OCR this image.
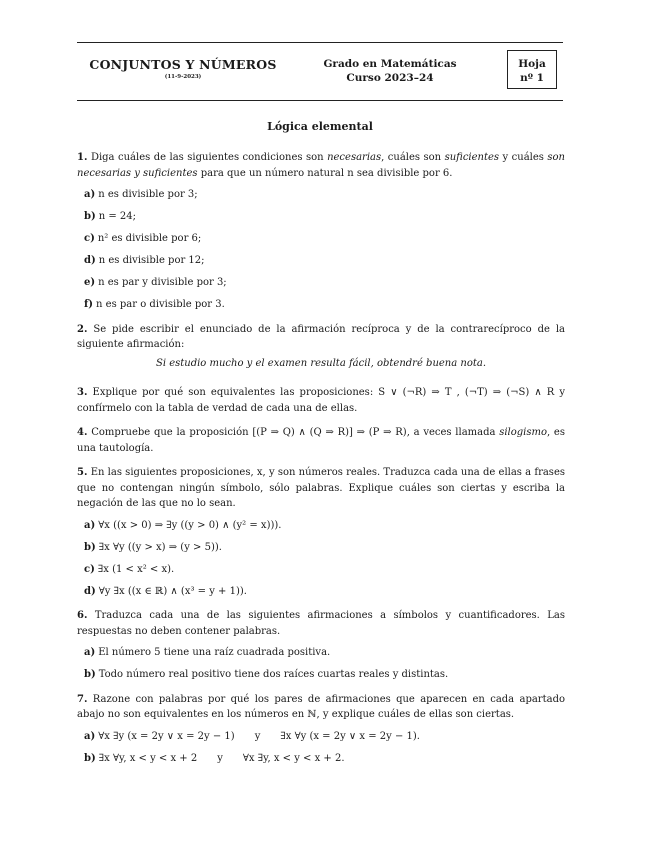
CONJUNTOS Y NÚMEROS
(11-9-2023)
Grado en Matemáticas
Curso 2023–24
Hoja
nº 1
Lógica elemental

1. Diga cuáles de las siguientes condiciones son necesarias, cuáles son suficientes y cuáles son necesarias y suficientes para que un número natural n sea divisible por 6.

a) n es divisible por 3;
b) n = 24;
c) n² es divisible por 6;
d) n es divisible por 12;
e) n es par y divisible por 3;
f) n es par o divisible por 3.

2. Se pide escribir el enunciado de la afirmación recíproca y de la contrarecíproco de la siguiente afirmación:

Si estudio mucho y el examen resulta fácil, obtendré buena nota.

3. Explique por qué son equivalentes las proposiciones: S ∨ (¬R) ⇒ T , (¬T) ⇒ (¬S) ∧ R y confírmelo con la tabla de verdad de cada una de ellas.

4. Compruebe que la proposición [(P ⇒ Q) ∧ (Q ⇒ R)] ⇒ (P ⇒ R), a veces llamada silogismo, es una tautología.

5. En las siguientes proposiciones, x, y son números reales. Traduzca cada una de ellas a frases que no contengan ningún símbolo, sólo palabras. Explique cuáles son ciertas y escriba la negación de las que no lo sean.

a) ∀x ((x > 0) ⇒ ∃y ((y > 0) ∧ (y² = x))).
b) ∃x ∀y ((y > x) ⇒ (y > 5)).
c) ∃x (1 < x² < x).
d) ∀y ∃x ((x ∈ ℝ) ∧ (x³ = y + 1)).

6. Traduzca cada una de las siguientes afirmaciones a símbolos y cuantificadores. Las respuestas no deben contener palabras.

a) El número 5 tiene una raíz cuadrada positiva.
b) Todo número real positivo tiene dos raíces cuartas reales y distintas.

7. Razone con palabras por qué los pares de afirmaciones que aparecen en cada apartado abajo no son equivalentes en los números en ℕ, y explique cuáles de ellas son ciertas.

a) ∀x ∃y (x = 2y ∨ x = 2y − 1) y ∃x ∀y (x = 2y ∨ x = 2y − 1).
b) ∃x ∀y, x < y < x + 2 y ∀x ∃y, x < y < x + 2.
